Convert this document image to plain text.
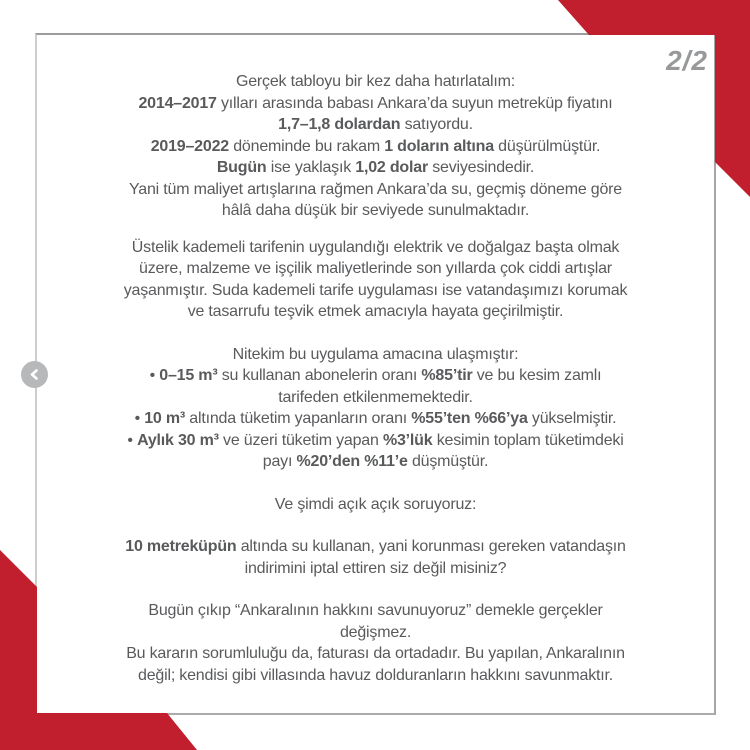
2/2
Gerçek tabloyu bir kez daha hatırlatalım:
2014–2017 yılları arasında babası Ankara’da suyun metreküp fiyatını
1,7–1,8 dolardan satıyordu.
2019–2022 döneminde bu rakam 1 doların altına düşürülmüştür.
Bugün ise yaklaşık 1,02 dolar seviyesindedir.
Yani tüm maliyet artışlarına rağmen Ankara’da su, geçmiş döneme göre
hâlâ daha düşük bir seviyede sunulmaktadır.
Üstelik kademeli tarifenin uygulandığı elektrik ve doğalgaz başta olmak
üzere, malzeme ve işçilik maliyetlerinde son yıllarda çok ciddi artışlar
yaşanmıştır. Suda kademeli tarife uygulaması ise vatandaşımızı korumak
ve tasarrufu teşvik etmek amacıyla hayata geçirilmiştir.
Nitekim bu uygulama amacına ulaşmıştır:
• 0–15 m³ su kullanan abonelerin oranı %85’tir ve bu kesim zamlı
tarifeden etkilenmemektedir.
• 10 m³ altında tüketim yapanların oranı %55’ten %66’ya yükselmiştir.
• Aylık 30 m³ ve üzeri tüketim yapan %3’lük kesimin toplam tüketimdeki
payı %20’den %11’e düşmüştür.
Ve şimdi açık açık soruyoruz:
10 metreküpün altında su kullanan, yani korunması gereken vatandaşın
indirimini iptal ettiren siz değil misiniz?
Bugün çıkıp “Ankaralının hakkını savunuyoruz” demekle gerçekler
değişmez.
Bu kararın sorumluluğu da, faturası da ortadadır. Bu yapılan, Ankaralının
değil; kendisi gibi villasında havuz dolduranların hakkını savunmaktır.
